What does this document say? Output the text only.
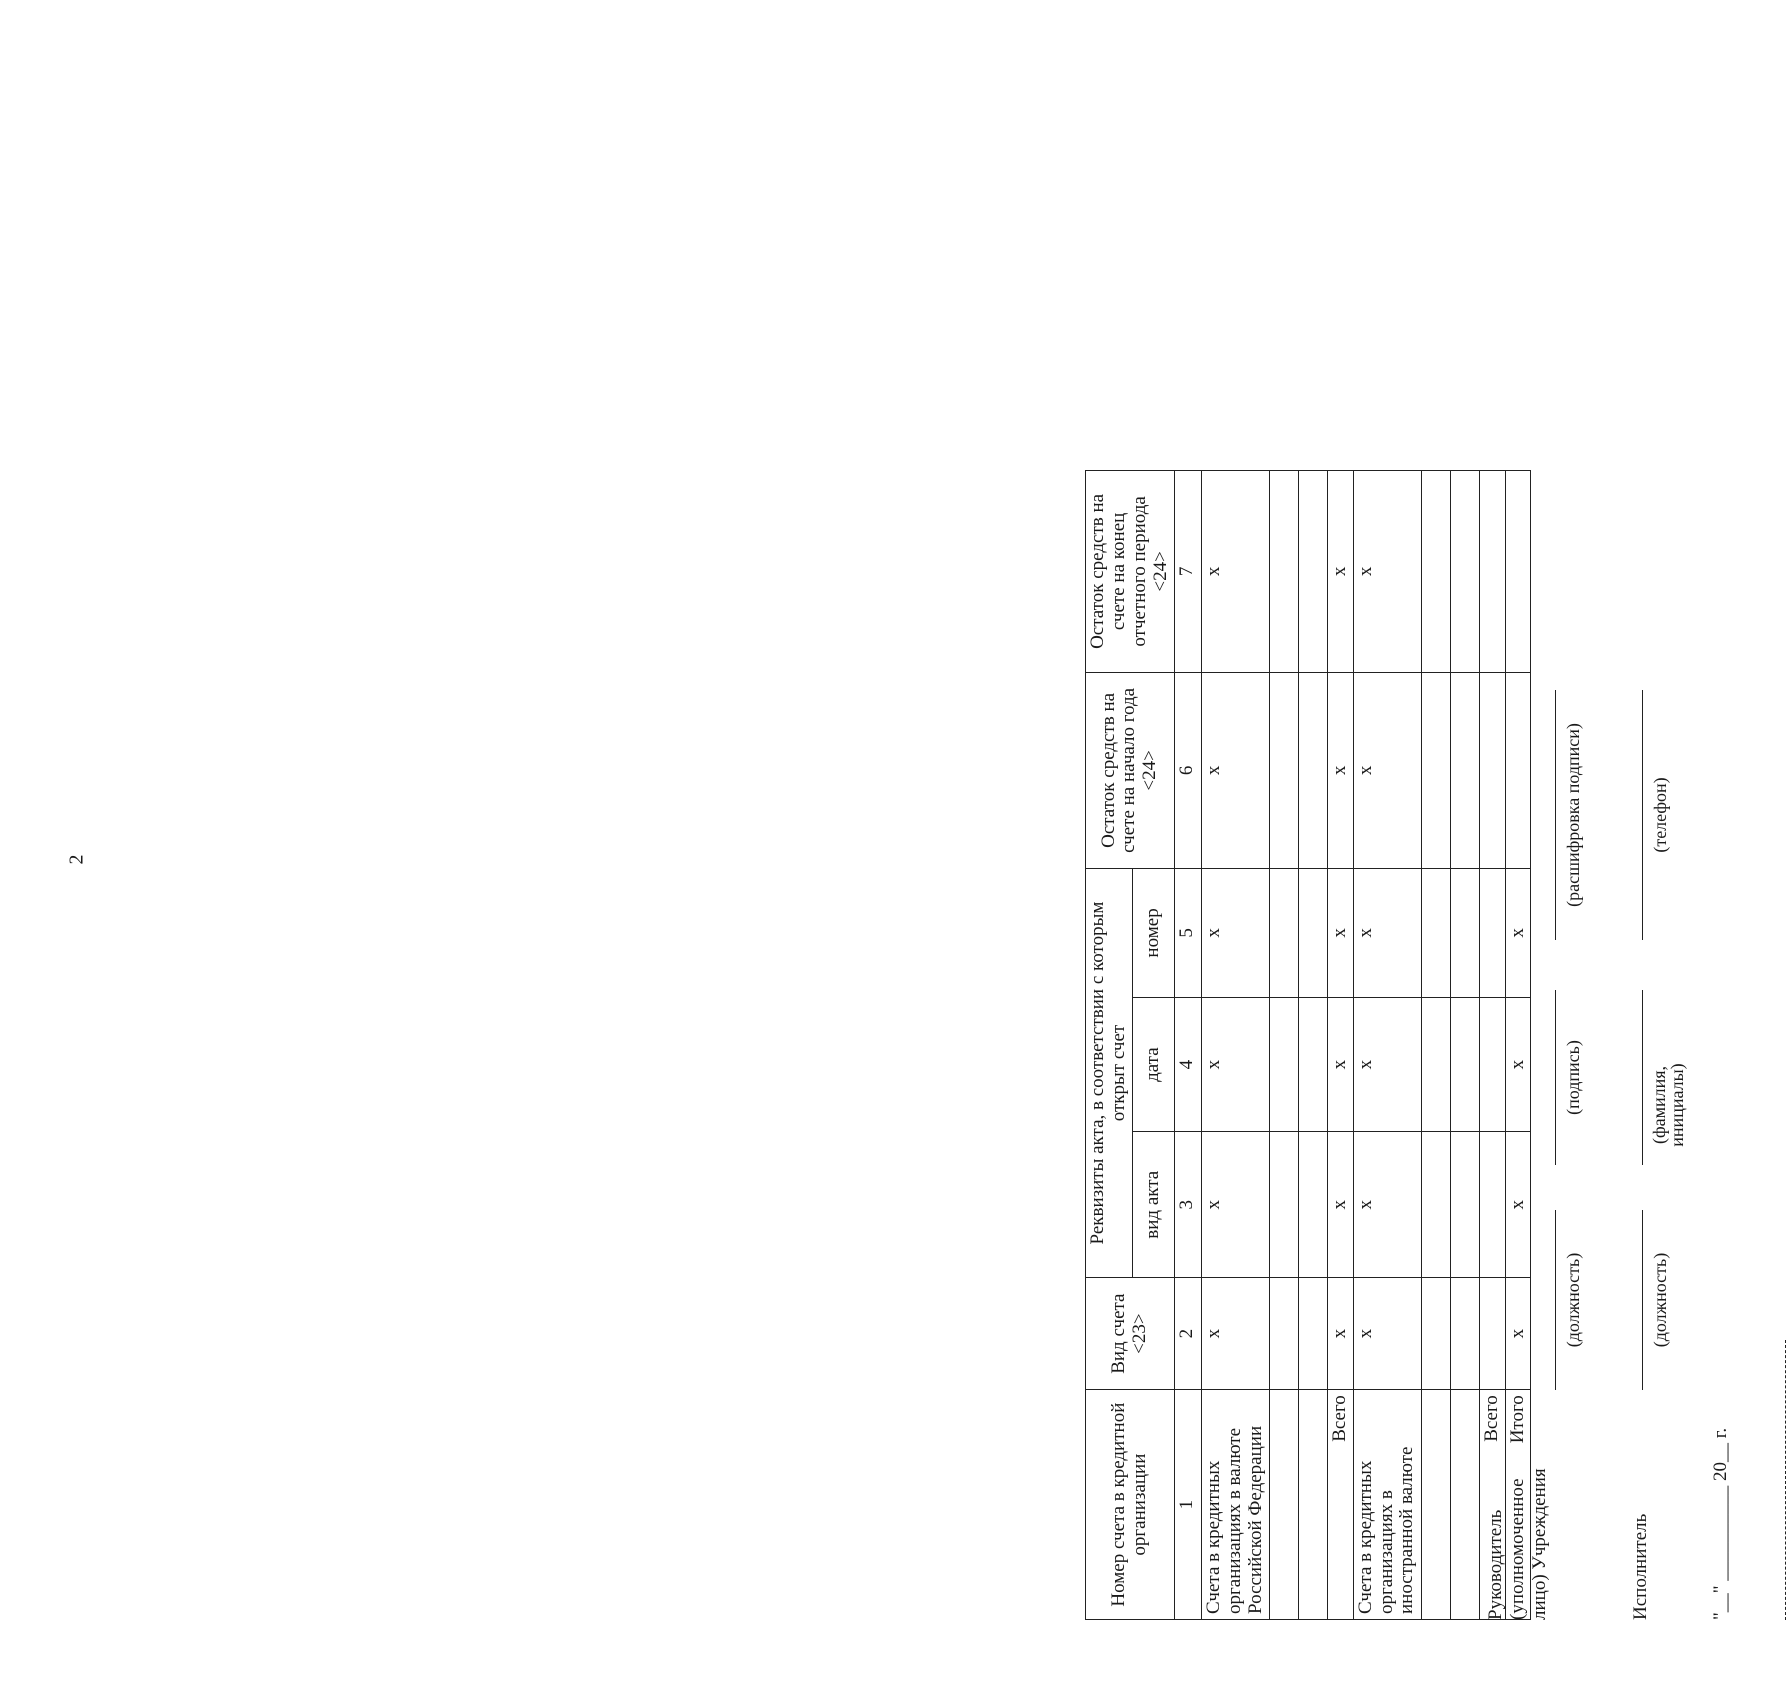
2
Номер счета в кредитной организации	Вид счета <23>	Реквизиты акта, в соответствии с которым открыт счет			Остаток средств на счете на начало года <24>	Остаток средств на счете на конец отчетного периода <24>
		вид акта	дата	номер		
1	2	3	4	5	6	7
Счета в кредитных организациях в валюте Российской Федерации	x	x	x	x	x	x

Всего	x	x	x	x	x	x
Счета в кредитных организациях в иностранной валюте	x	x	x	x	x	x

Всего						
Итого	x	x	x	x		
Руководитель (уполномоченное лицо) Учреждения
(должность)
(подпись)
(расшифровка подписи)
Исполнитель
(должность)
(фамилия, инициалы)
(телефон)
"__" __________ 20__ г.
